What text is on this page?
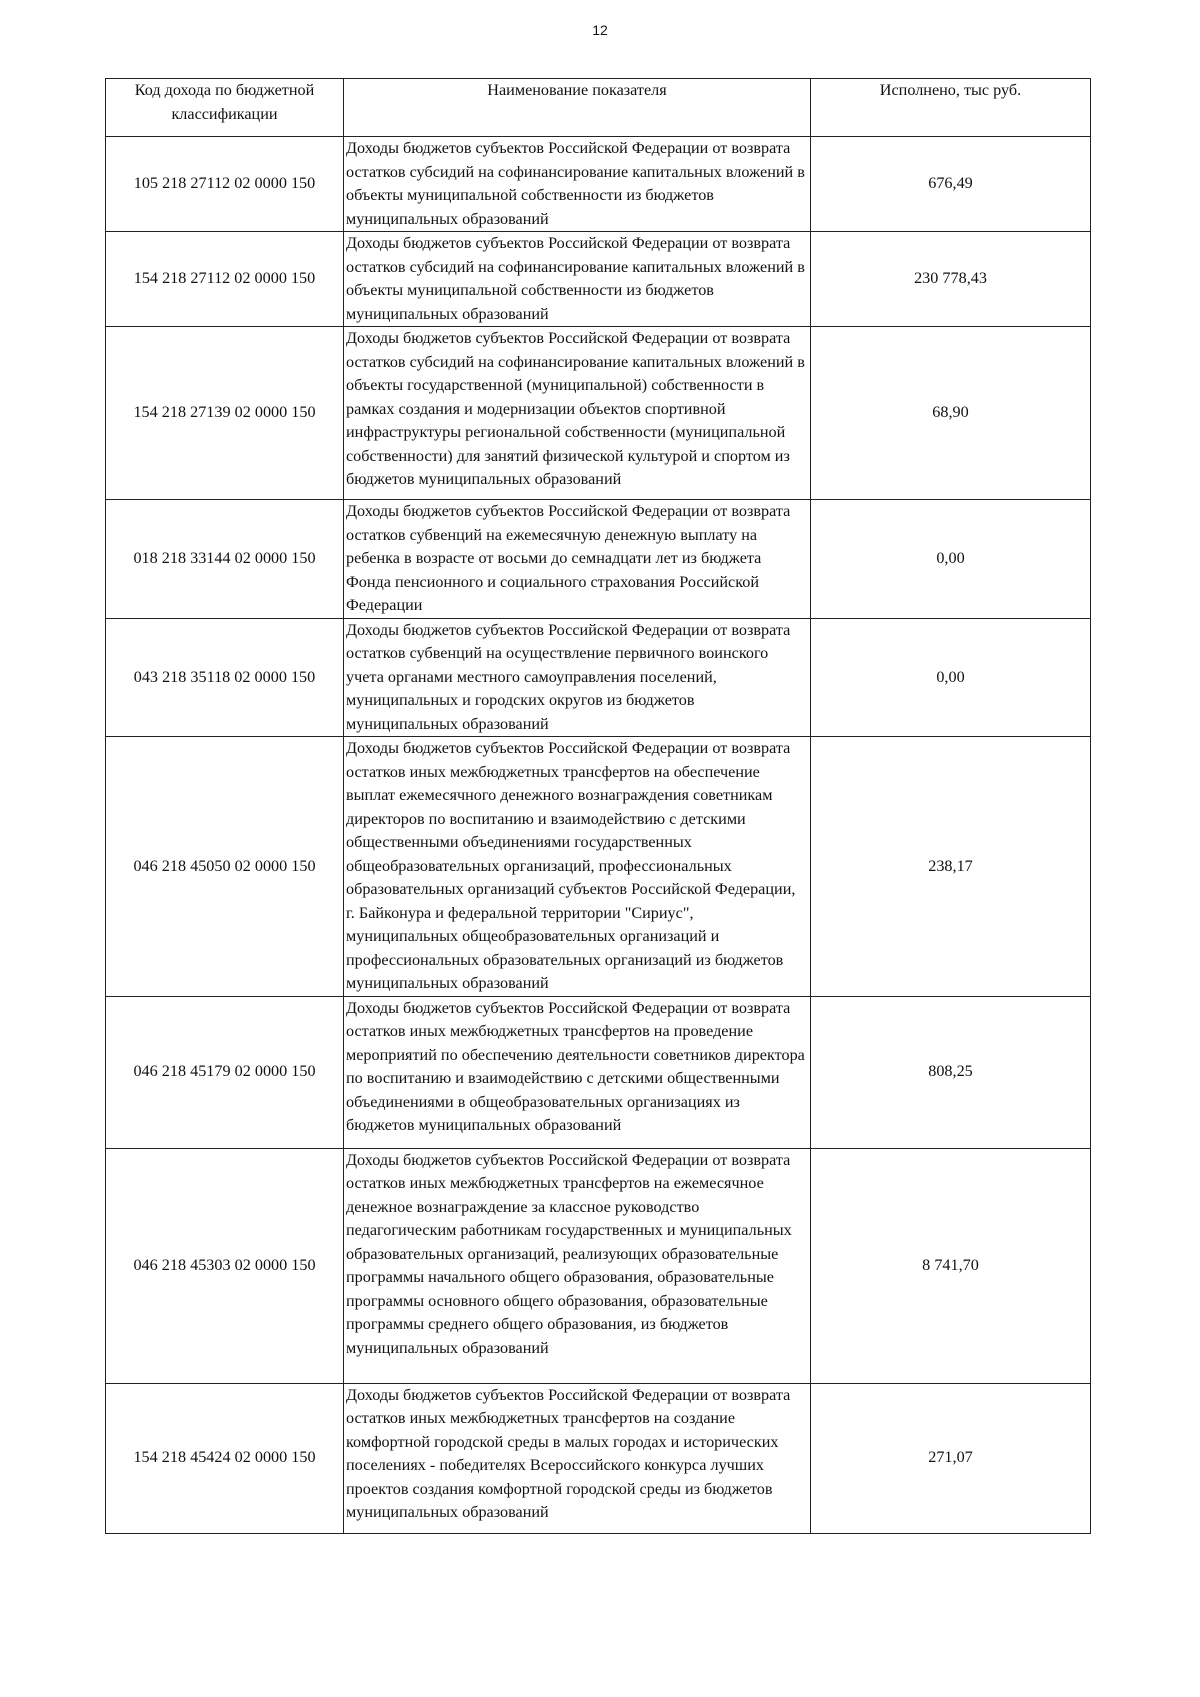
12
Код дохода по бюджетной классификации	Наименование показателя	Исполнено, тыс руб.
105 218 27112 02 0000 150	Доходы бюджетов субъектов Российской Федерации от возврата остатков субсидий на софинансирование капитальных вложений в объекты муниципальной собственности из бюджетов муниципальных образований	676,49
154 218 27112 02 0000 150	Доходы бюджетов субъектов Российской Федерации от возврата остатков субсидий на софинансирование капитальных вложений в объекты муниципальной собственности из бюджетов муниципальных образований	230 778,43
154 218 27139 02 0000 150	Доходы бюджетов субъектов Российской Федерации от возврата остатков субсидий на софинансирование капитальных вложений в объекты государственной (муниципальной) собственности в рамках создания и модернизации объектов спортивной инфраструктуры региональной собственности (муниципальной собственности) для занятий физической культурой и спортом из бюджетов муниципальных образований	68,90
018 218 33144 02 0000 150	Доходы бюджетов субъектов Российской Федерации от возврата остатков субвенций на ежемесячную денежную выплату на ребенка в возрасте от восьми до семнадцати лет из бюджета Фонда пенсионного и социального страхования Российской Федерации	0,00
043 218 35118 02 0000 150	Доходы бюджетов субъектов Российской Федерации от возврата остатков субвенций на осуществление первичного воинского учета органами местного самоуправления поселений, муниципальных и городских округов из бюджетов муниципальных образований	0,00
046 218 45050 02 0000 150	Доходы бюджетов субъектов Российской Федерации от возврата остатков иных межбюджетных трансфертов на обеспечение выплат ежемесячного денежного вознаграждения советникам директоров по воспитанию и взаимодействию с детскими общественными объединениями государственных общеобразовательных организаций, профессиональных образовательных организаций субъектов Российской Федерации, г. Байконура и федеральной территории "Сириус", муниципальных общеобразовательных организаций и профессиональных образовательных организаций из бюджетов муниципальных образований	238,17
046 218 45179 02 0000 150	Доходы бюджетов субъектов Российской Федерации от возврата остатков иных межбюджетных трансфертов на проведение мероприятий по обеспечению деятельности советников директора по воспитанию и взаимодействию с детскими общественными объединениями в общеобразовательных организациях из бюджетов муниципальных образований	808,25
046 218 45303 02 0000 150	Доходы бюджетов субъектов Российской Федерации от возврата остатков иных межбюджетных трансфертов на ежемесячное денежное вознаграждение за классное руководство педагогическим работникам государственных и муниципальных образовательных организаций, реализующих образовательные программы начального общего образования, образовательные программы основного общего образования, образовательные программы среднего общего образования, из бюджетов муниципальных образований	8 741,70
154 218 45424 02 0000 150	Доходы бюджетов субъектов Российской Федерации от возврата остатков иных межбюджетных трансфертов на создание комфортной городской среды в малых городах и исторических поселениях - победителях Всероссийского конкурса лучших проектов создания комфортной городской среды из бюджетов муниципальных образований	271,07
